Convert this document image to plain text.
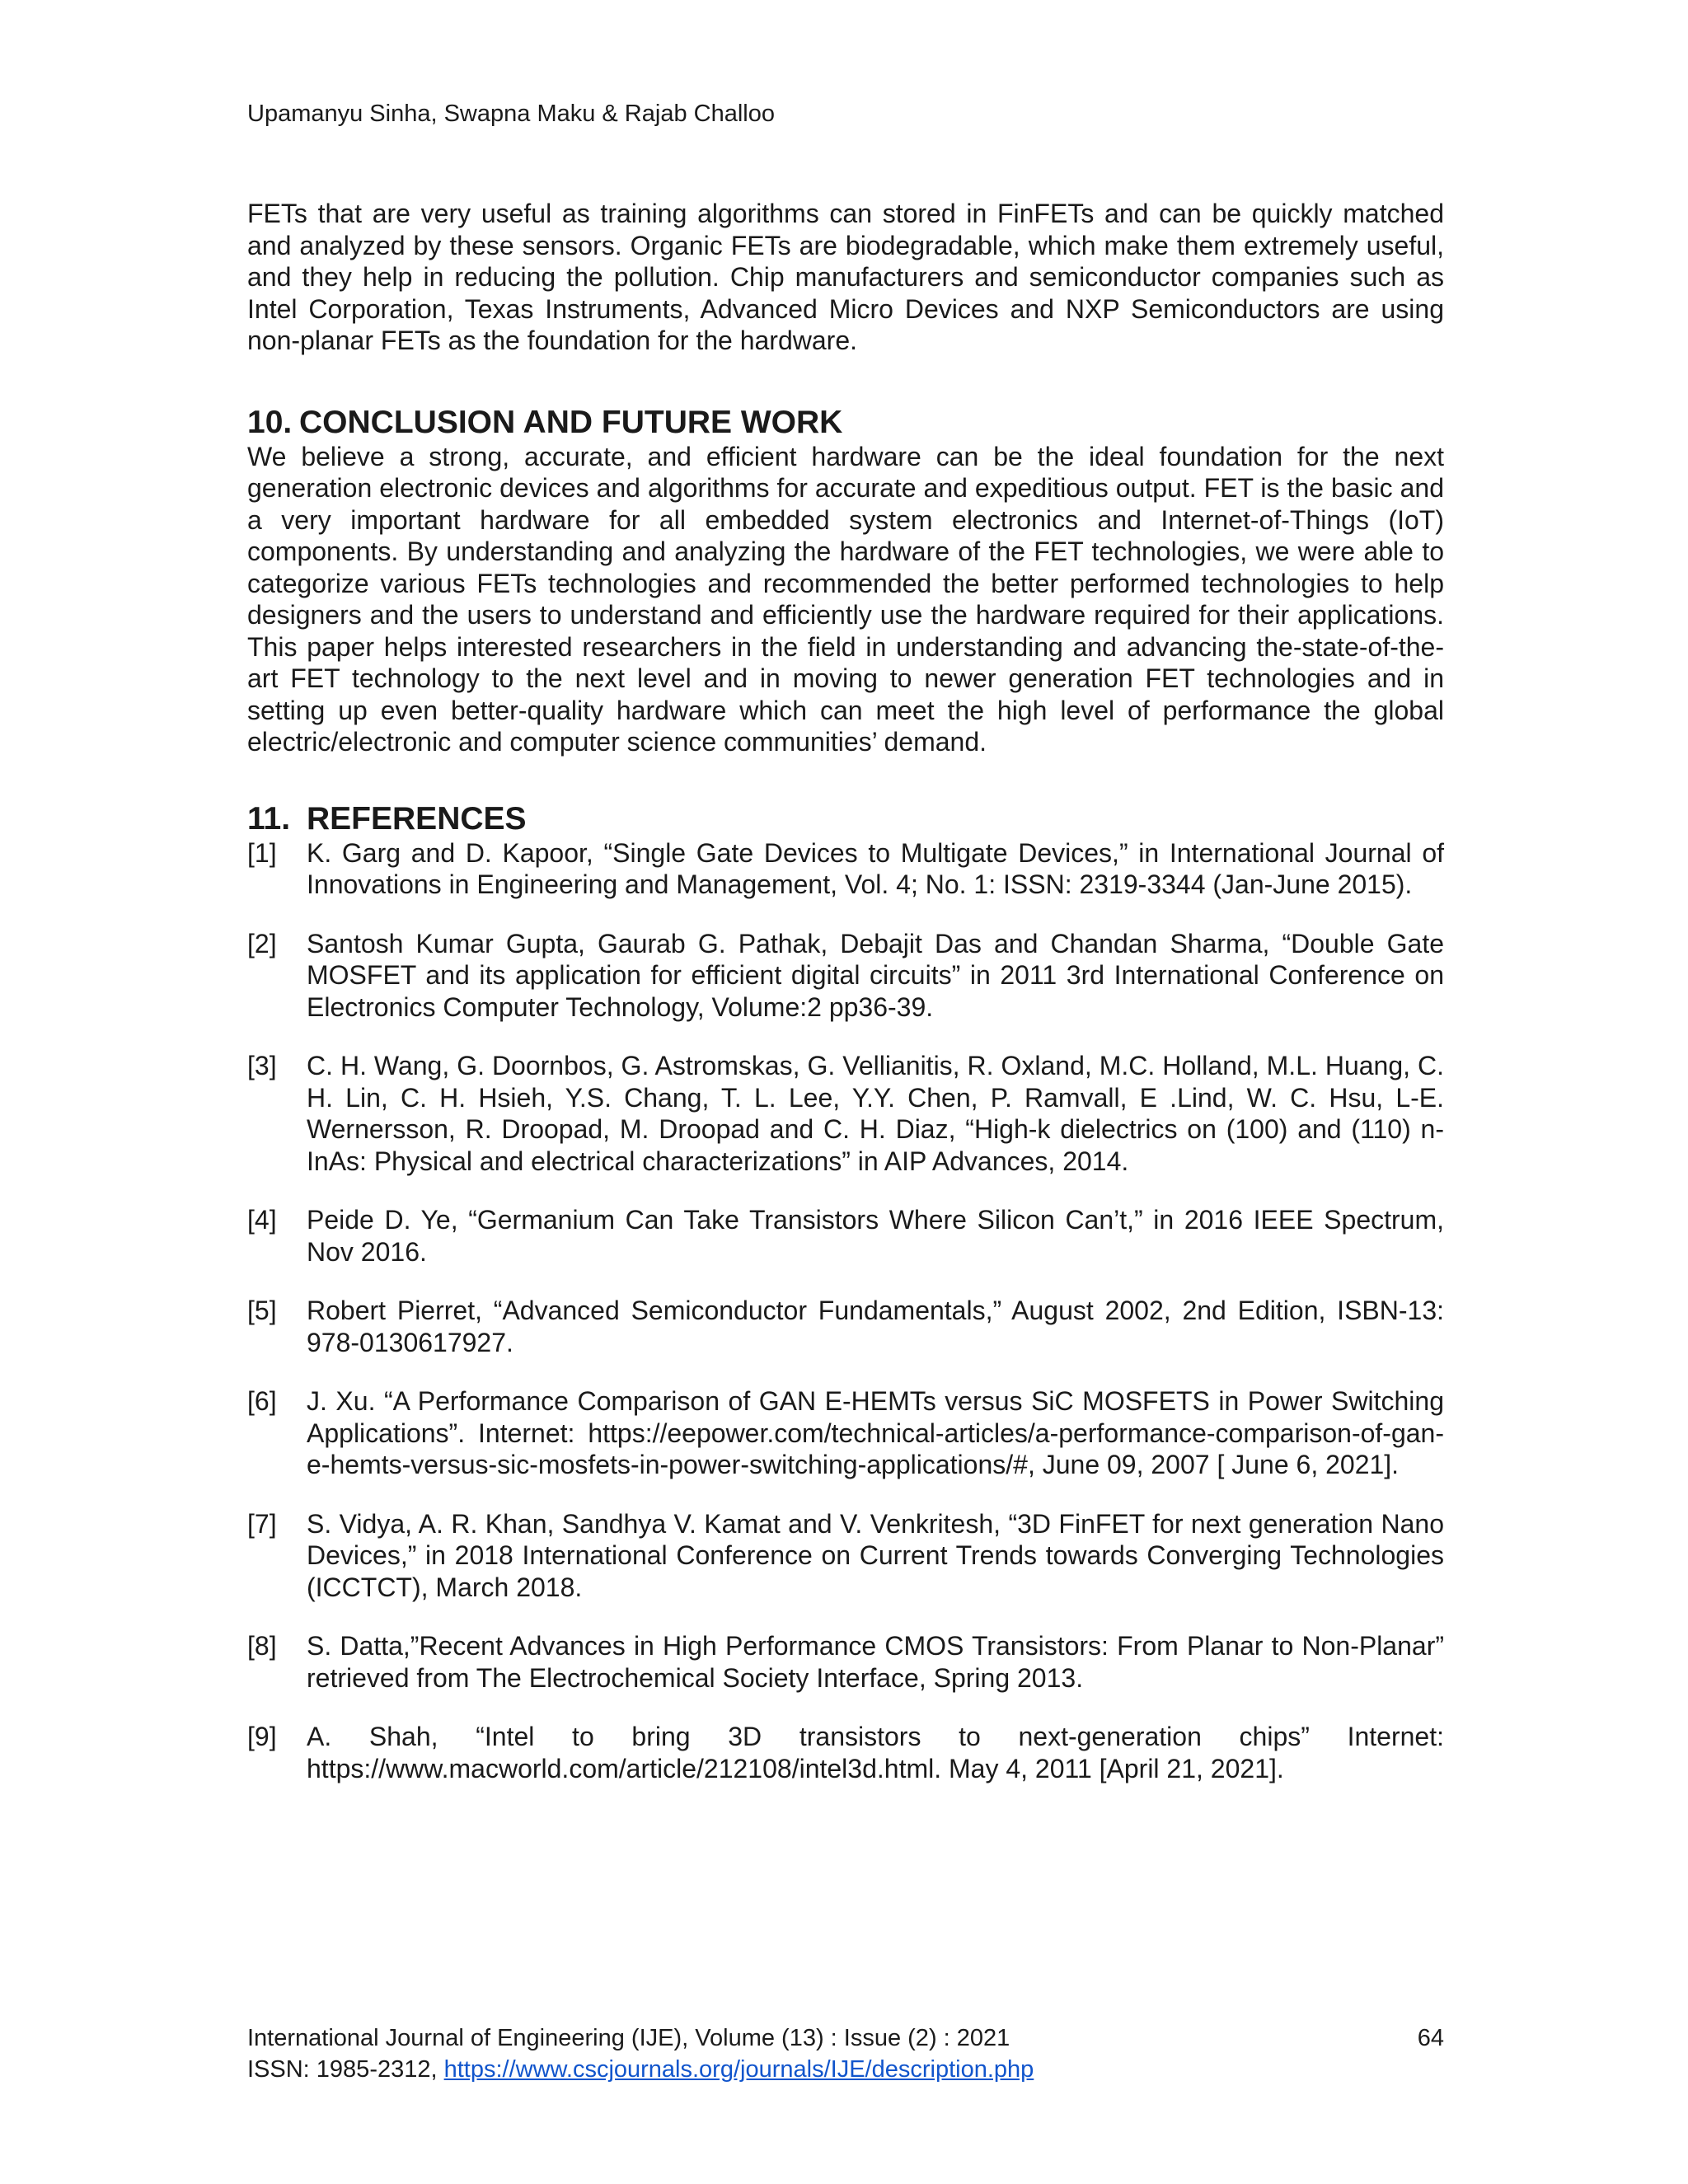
Upamanyu Sinha, Swapna Maku & Rajab Challoo

FETs that are very useful as training algorithms can stored in FinFETs and can be quickly matched and analyzed by these sensors. Organic FETs are biodegradable, which make them extremely useful, and they help in reducing the pollution. Chip manufacturers and semiconductor companies such as Intel Corporation, Texas Instruments, Advanced Micro Devices and NXP Semiconductors are using non-planar FETs as the foundation for the hardware.

10. CONCLUSION AND FUTURE WORK

We believe a strong, accurate, and efficient hardware can be the ideal foundation for the next generation electronic devices and algorithms for accurate and expeditious output. FET is the basic and a very important hardware for all embedded system electronics and Internet-of-Things (IoT) components. By understanding and analyzing the hardware of the FET technologies, we were able to categorize various FETs technologies and recommended the better performed technologies to help designers and the users to understand and efficiently use the hardware required for their applications. This paper helps interested researchers in the field in understanding and advancing the-state-of-the-art FET technology to the next level and in moving to newer generation FET technologies and in setting up even better-quality hardware which can meet the high level of performance the global electric/electronic and computer science communities’ demand.

11. REFERENCES
[1]	K. Garg and D. Kapoor, “Single Gate Devices to Multigate Devices,” in International Journal of Innovations in Engineering and Management, Vol. 4; No. 1: ISSN: 2319-3344 (Jan-June 2015).
[2]	Santosh Kumar Gupta, Gaurab G. Pathak, Debajit Das and Chandan Sharma, “Double Gate MOSFET and its application for efficient digital circuits” in 2011 3rd International Conference on Electronics Computer Technology, Volume:2 pp36-39.
[3]	C. H. Wang, G. Doornbos, G. Astromskas, G. Vellianitis, R. Oxland, M.C. Holland, M.L. Huang, C. H. Lin, C. H. Hsieh, Y.S. Chang, T. L. Lee, Y.Y. Chen, P. Ramvall, E .Lind, W. C. Hsu, L-E. Wernersson, R. Droopad, M. Droopad and C. H. Diaz, “High-k dielectrics on (100) and (110) n-InAs: Physical and electrical characterizations” in AIP Advances, 2014.
[4]	Peide D. Ye, “Germanium Can Take Transistors Where Silicon Can’t,” in 2016 IEEE Spectrum, Nov 2016.
[5]	Robert Pierret, “Advanced Semiconductor Fundamentals,” August 2002, 2nd Edition, ISBN-13: 978-0130617927.
[6]	J. Xu. “A Performance Comparison of GAN E-HEMTs versus SiC MOSFETS in Power Switching Applications”. Internet: https://eepower.com/technical-articles/a-performance-comparison-of-gan-e-hemts-versus-sic-mosfets-in-power-switching-applications/#, June 09, 2007 [ June 6, 2021].
[7]	S. Vidya, A. R. Khan, Sandhya V. Kamat and V. Venkritesh, “3D FinFET for next generation Nano Devices,” in 2018 International Conference on Current Trends towards Converging Technologies (ICCTCT), March 2018.
[8]	S. Datta,”Recent Advances in High Performance CMOS Transistors: From Planar to Non-Planar” retrieved from The Electrochemical Society Interface, Spring 2013.
[9]	A. Shah, “Intel to bring 3D transistors to next-generation chips” Internet: https://www.macworld.com/article/212108/intel3d.html. May 4, 2011 [April 21, 2021].
International Journal of Engineering (IJE), Volume (13) : Issue (2) : 2021	64
ISSN: 1985-2312, https://www.cscjournals.org/journals/IJE/description.php
